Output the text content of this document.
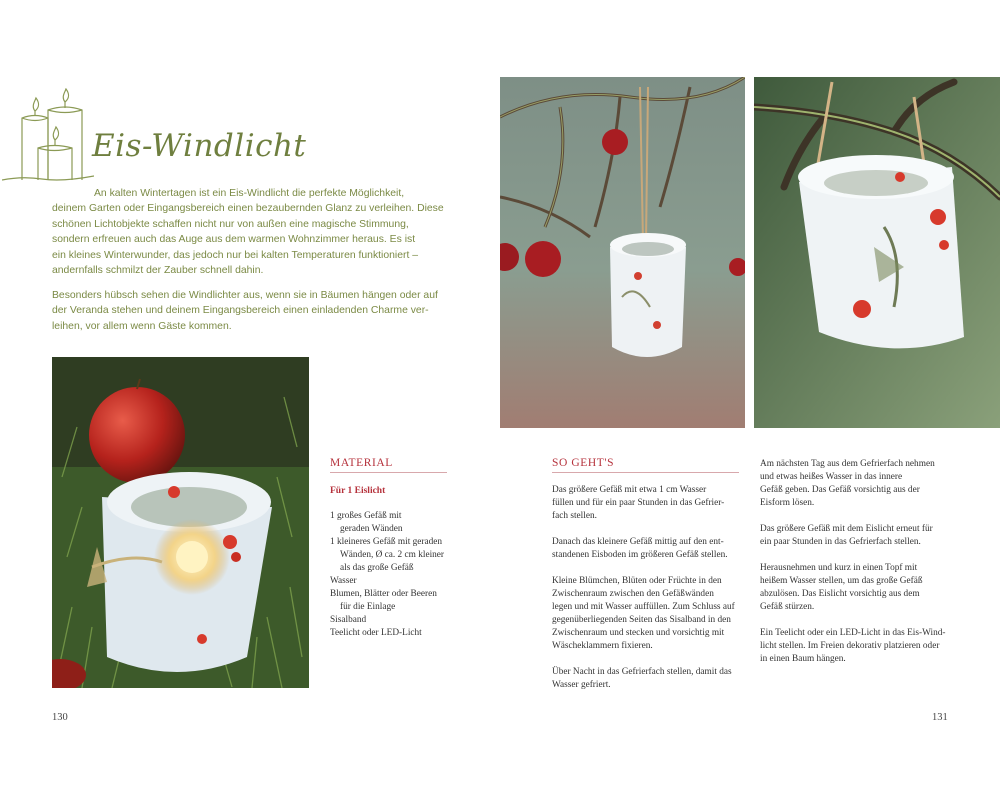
Eis-Windlicht
An kalten Wintertagen ist ein Eis-Windlicht die perfekte Möglichkeit,
deinem Garten oder Eingangsbereich einen bezaubernden Glanz zu verleihen. Diese
schönen Lichtobjekte schaffen nicht nur von außen eine magische Stimmung,
sondern erfreuen auch das Auge aus dem warmen Wohnzimmer heraus. Es ist
ein kleines Winterwunder, das jedoch nur bei kalten Temperaturen funktioniert –
andernfalls schmilzt der Zauber schnell dahin.
Besonders hübsch sehen die Windlichter aus, wenn sie in Bäumen hängen oder auf
der Veranda stehen und deinem Eingangsbereich einen einladenden Charme ver-
leihen, vor allem wenn Gäste kommen.
MATERIAL
Für 1 Eislicht
1 großes Gefäß mit
geraden Wänden
1 kleineres Gefäß mit geraden
Wänden, Ø ca. 2 cm kleiner
als das große Gefäß
Wasser
Blumen, Blätter oder Beeren
für die Einlage
Sisalband
Teelicht oder LED-Licht
SO GEHT'S
Das größere Gefäß mit etwa 1 cm Wasser
füllen und für ein paar Stunden in das Gefrier-
fach stellen.
Danach das kleinere Gefäß mittig auf den ent-
standenen Eisboden im größeren Gefäß stellen.
Kleine Blümchen, Blüten oder Früchte in den
Zwischenraum zwischen den Gefäßwänden
legen und mit Wasser auffüllen. Zum Schluss auf
gegenüberliegenden Seiten das Sisalband in den
Zwischenraum und stecken und vorsichtig mit
Wäscheklammern fixieren.
Über Nacht in das Gefrierfach stellen, damit das
Wasser gefriert.
Am nächsten Tag aus dem Gefrierfach nehmen
und etwas heißes Wasser in das innere
Gefäß geben. Das Gefäß vorsichtig aus der
Eisform lösen.
Das größere Gefäß mit dem Eislicht erneut für
ein paar Stunden in das Gefrierfach stellen.
Herausnehmen und kurz in einen Topf mit
heißem Wasser stellen, um das große Gefäß
abzulösen. Das Eislicht vorsichtig aus dem
Gefäß stürzen.
Ein Teelicht oder ein LED-Licht in das Eis-Wind-
licht stellen. Im Freien dekorativ platzieren oder
in einen Baum hängen.
130	131
